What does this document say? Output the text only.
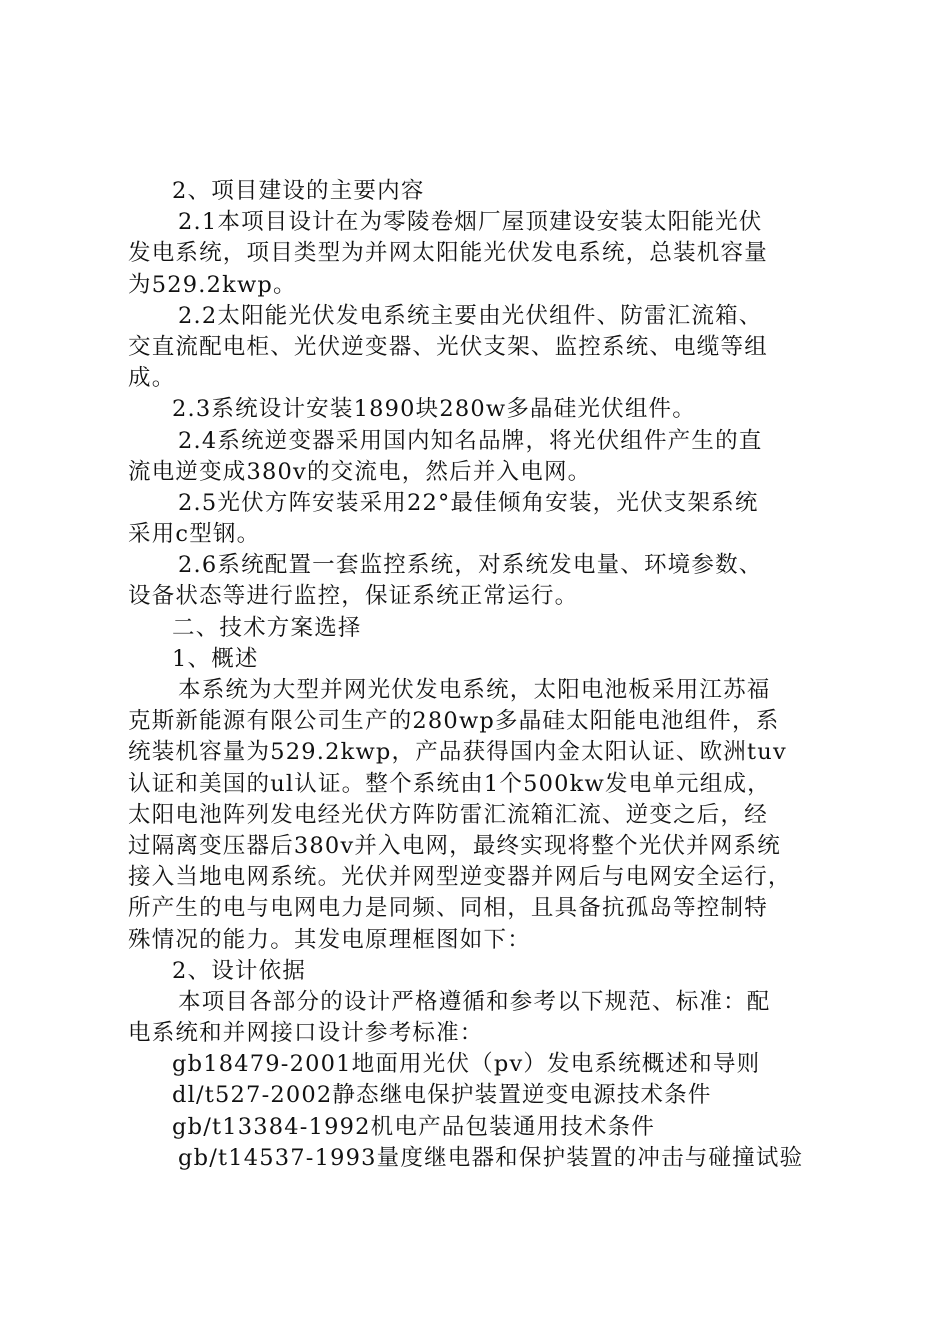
2、项目建设的主要内容
2.1本项目设计在为零陵卷烟厂屋顶建设安装太阳能光伏
发电系统，项目类型为并网太阳能光伏发电系统，总装机容量
为529.2kwp。
2.2太阳能光伏发电系统主要由光伏组件、防雷汇流箱、
交直流配电柜、光伏逆变器、光伏支架、监控系统、电缆等组
成。
2.3系统设计安装1890块280w多晶硅光伏组件。
2.4系统逆变器采用国内知名品牌，将光伏组件产生的直
流电逆变成380v的交流电，然后并入电网。
2.5光伏方阵安装采用22°最佳倾角安装，光伏支架系统
采用c型钢。
2.6系统配置一套监控系统，对系统发电量、环境参数、
设备状态等进行监控，保证系统正常运行。
二、技术方案选择
1、概述
本系统为大型并网光伏发电系统，太阳电池板采用江苏福
克斯新能源有限公司生产的280wp多晶硅太阳能电池组件，系
统装机容量为529.2kwp，产品获得国内金太阳认证、欧洲tuv
认证和美国的ul认证。整个系统由1个500kw发电单元组成，
太阳电池阵列发电经光伏方阵防雷汇流箱汇流、逆变之后，经
过隔离变压器后380v并入电网，最终实现将整个光伏并网系统
接入当地电网系统。光伏并网型逆变器并网后与电网安全运行，
所产生的电与电网电力是同频、同相，且具备抗孤岛等控制特
殊情况的能力。其发电原理框图如下：
2、设计依据
本项目各部分的设计严格遵循和参考以下规范、标准：配
电系统和并网接口设计参考标准：
gb18479-2001地面用光伏（pv）发电系统概述和导则
dl/t527-2002静态继电保护装置逆变电源技术条件
gb/t13384-1992机电产品包装通用技术条件
gb/t14537-1993量度继电器和保护装置的冲击与碰撞试验
